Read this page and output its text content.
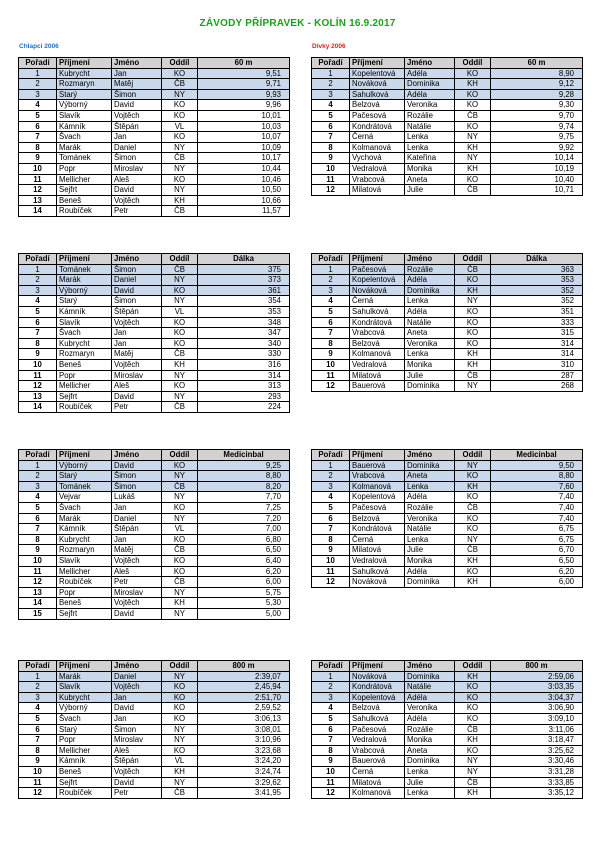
ZÁVODY PŘÍPRAVEK - KOLÍN 16.9.2017
Chlapci 2006	Dívky 2006
Pořadí	Příjmení	Jméno	Oddíl	60 m
1	Kubrycht	Jan	KO	9,51
2	Rozmaryn	Matěj	ČB	9,71
3	Starý	Šimon	NY	9,93
4	Výborný	David	KO	9,96
5	Slavík	Vojtěch	KO	10,01
6	Kámník	Štěpán	VL	10,03
7	Švach	Jan	KO	10,07
8	Marák	Daniel	NY	10,09
9	Tománek	Šimon	ČB	10,17
10	Popr	Miroslav	NY	10,44
11	Mellicher	Aleš	KO	10,46
12	Sejfrt	David	NY	10,50
13	Beneš	Vojtěch	KH	10,66
14	Roubíček	Petr	ČB	11,57
Pořadí	Příjmení	Jméno	Oddíl	60 m
1	Kopelentová	Adéla	KO	8,90
2	Nováková	Dominika	KH	9,12
3	Sahulková	Adéla	KO	9,28
4	Belzová	Veronika	KO	9,30
5	Pačesová	Rozálie	ČB	9,70
6	Kondrátová	Natálie	KO	9,74
7	Černá	Lenka	NY	9,75
8	Kolmanová	Lenka	KH	9,92
9	Vychová	Kateřina	NY	10,14
10	Vedralová	Monika	KH	10,19
11	Vrabcová	Aneta	KO	10,40
12	Milatová	Julie	ČB	10,71
Pořadí	Příjmení	Jméno	Oddíl	Dálka
1	Tománek	Šimon	ČB	375
2	Marák	Daniel	NY	373
3	Výborný	David	KO	361
4	Starý	Šimon	NY	354
5	Kámník	Štěpán	VL	353
6	Slavík	Vojtěch	KO	348
7	Švach	Jan	KO	347
8	Kubrycht	Jan	KO	340
9	Rozmaryn	Matěj	ČB	330
10	Beneš	Vojtěch	KH	316
11	Popr	Miroslav	NY	314
12	Mellicher	Aleš	KO	313
13	Sejfrt	David	NY	293
14	Roubíček	Petr	ČB	224
Pořadí	Příjmení	Jméno	Oddíl	Dálka
1	Pačesová	Rozálie	ČB	363
2	Kopelentová	Adéla	KO	353
3	Nováková	Dominika	KH	352
4	Černá	Lenka	NY	352
5	Sahulková	Adéla	KO	351
6	Kondrátová	Natálie	KO	333
7	Vrabcová	Aneta	KO	315
8	Belzová	Veronika	KO	314
9	Kolmanová	Lenka	KH	314
10	Vedralová	Monika	KH	310
11	Milatová	Julie	ČB	287
12	Bauerová	Dominika	NY	268
Pořadí	Příjmení	Jméno	Oddíl	Medicinbal
1	Výborný	David	KO	9,25
2	Starý	Šimon	NY	8,80
3	Tománek	Šimon	ČB	8,20
4	Vejvar	Lukáš	NY	7,70
5	Švach	Jan	KO	7,25
6	Marák	Daniel	NY	7,20
7	Kámník	Štěpán	VL	7,00
8	Kubrycht	Jan	KO	6,80
9	Rozmaryn	Matěj	ČB	6,50
10	Slavík	Vojtěch	KO	6,40
11	Mellicher	Aleš	KO	6,20
12	Roubíček	Petr	ČB	6,00
13	Popr	Miroslav	NY	5,75
14	Beneš	Vojtěch	KH	5,30
15	Sejfrt	David	NY	5,00
Pořadí	Příjmení	Jméno	Oddíl	Medicinbal
1	Bauerová	Dominika	NY	9,50
2	Vrabcová	Aneta	KO	8,80
3	Kolmanová	Lenka	KH	7,60
4	Kopelentová	Adéla	KO	7,40
5	Pačesová	Rozálie	ČB	7,40
6	Belzová	Veronika	KO	7,40
7	Kondrátová	Natálie	KO	6,75
8	Černá	Lenka	NY	6,75
9	Milatová	Julie	ČB	6,70
10	Vedralová	Monika	KH	6,50
11	Sahulková	Adéla	KO	6,20
12	Nováková	Dominika	KH	6,00
Pořadí	Příjmení	Jméno	Oddíl	800 m
1	Marák	Daniel	NY	2:39,07
2	Slavík	Vojtěch	KO	2,45,94
3	Kubrycht	Jan	KO	2:51,70
4	Výborný	David	KO	2,59,52
5	Švach	Jan	KO	3:06,13
6	Starý	Šimon	NY	3:08,01
7	Popr	Miroslav	NY	3:10,96
8	Mellicher	Aleš	KO	3:23,68
9	Kámník	Štěpán	VL	3:24,20
10	Beneš	Vojtěch	KH	3:24,74
11	Sejfrt	David	NY	3:29,62
12	Roubíček	Petr	ČB	3:41,95
Pořadí	Příjmení	Jméno	Oddíl	800 m
1	Nováková	Dominika	KH	2:59,06
2	Kondrátová	Natálie	KO	3:03,35
3	Kopelentová	Adéla	KO	3:04,37
4	Belzová	Veronika	KO	3:06,90
5	Sahulková	Adéla	KO	3:09,10
6	Pačesová	Rozálie	ČB	3:11,06
7	Vedralová	Monika	KH	3:18,47
8	Vrabcová	Aneta	KO	3:25,62
9	Bauerová	Dominika	NY	3:30,46
10	Černá	Lenka	NY	3:31,28
11	Milatová	Julie	ČB	3:33,85
12	Kolmanová	Lenka	KH	3:35,12
